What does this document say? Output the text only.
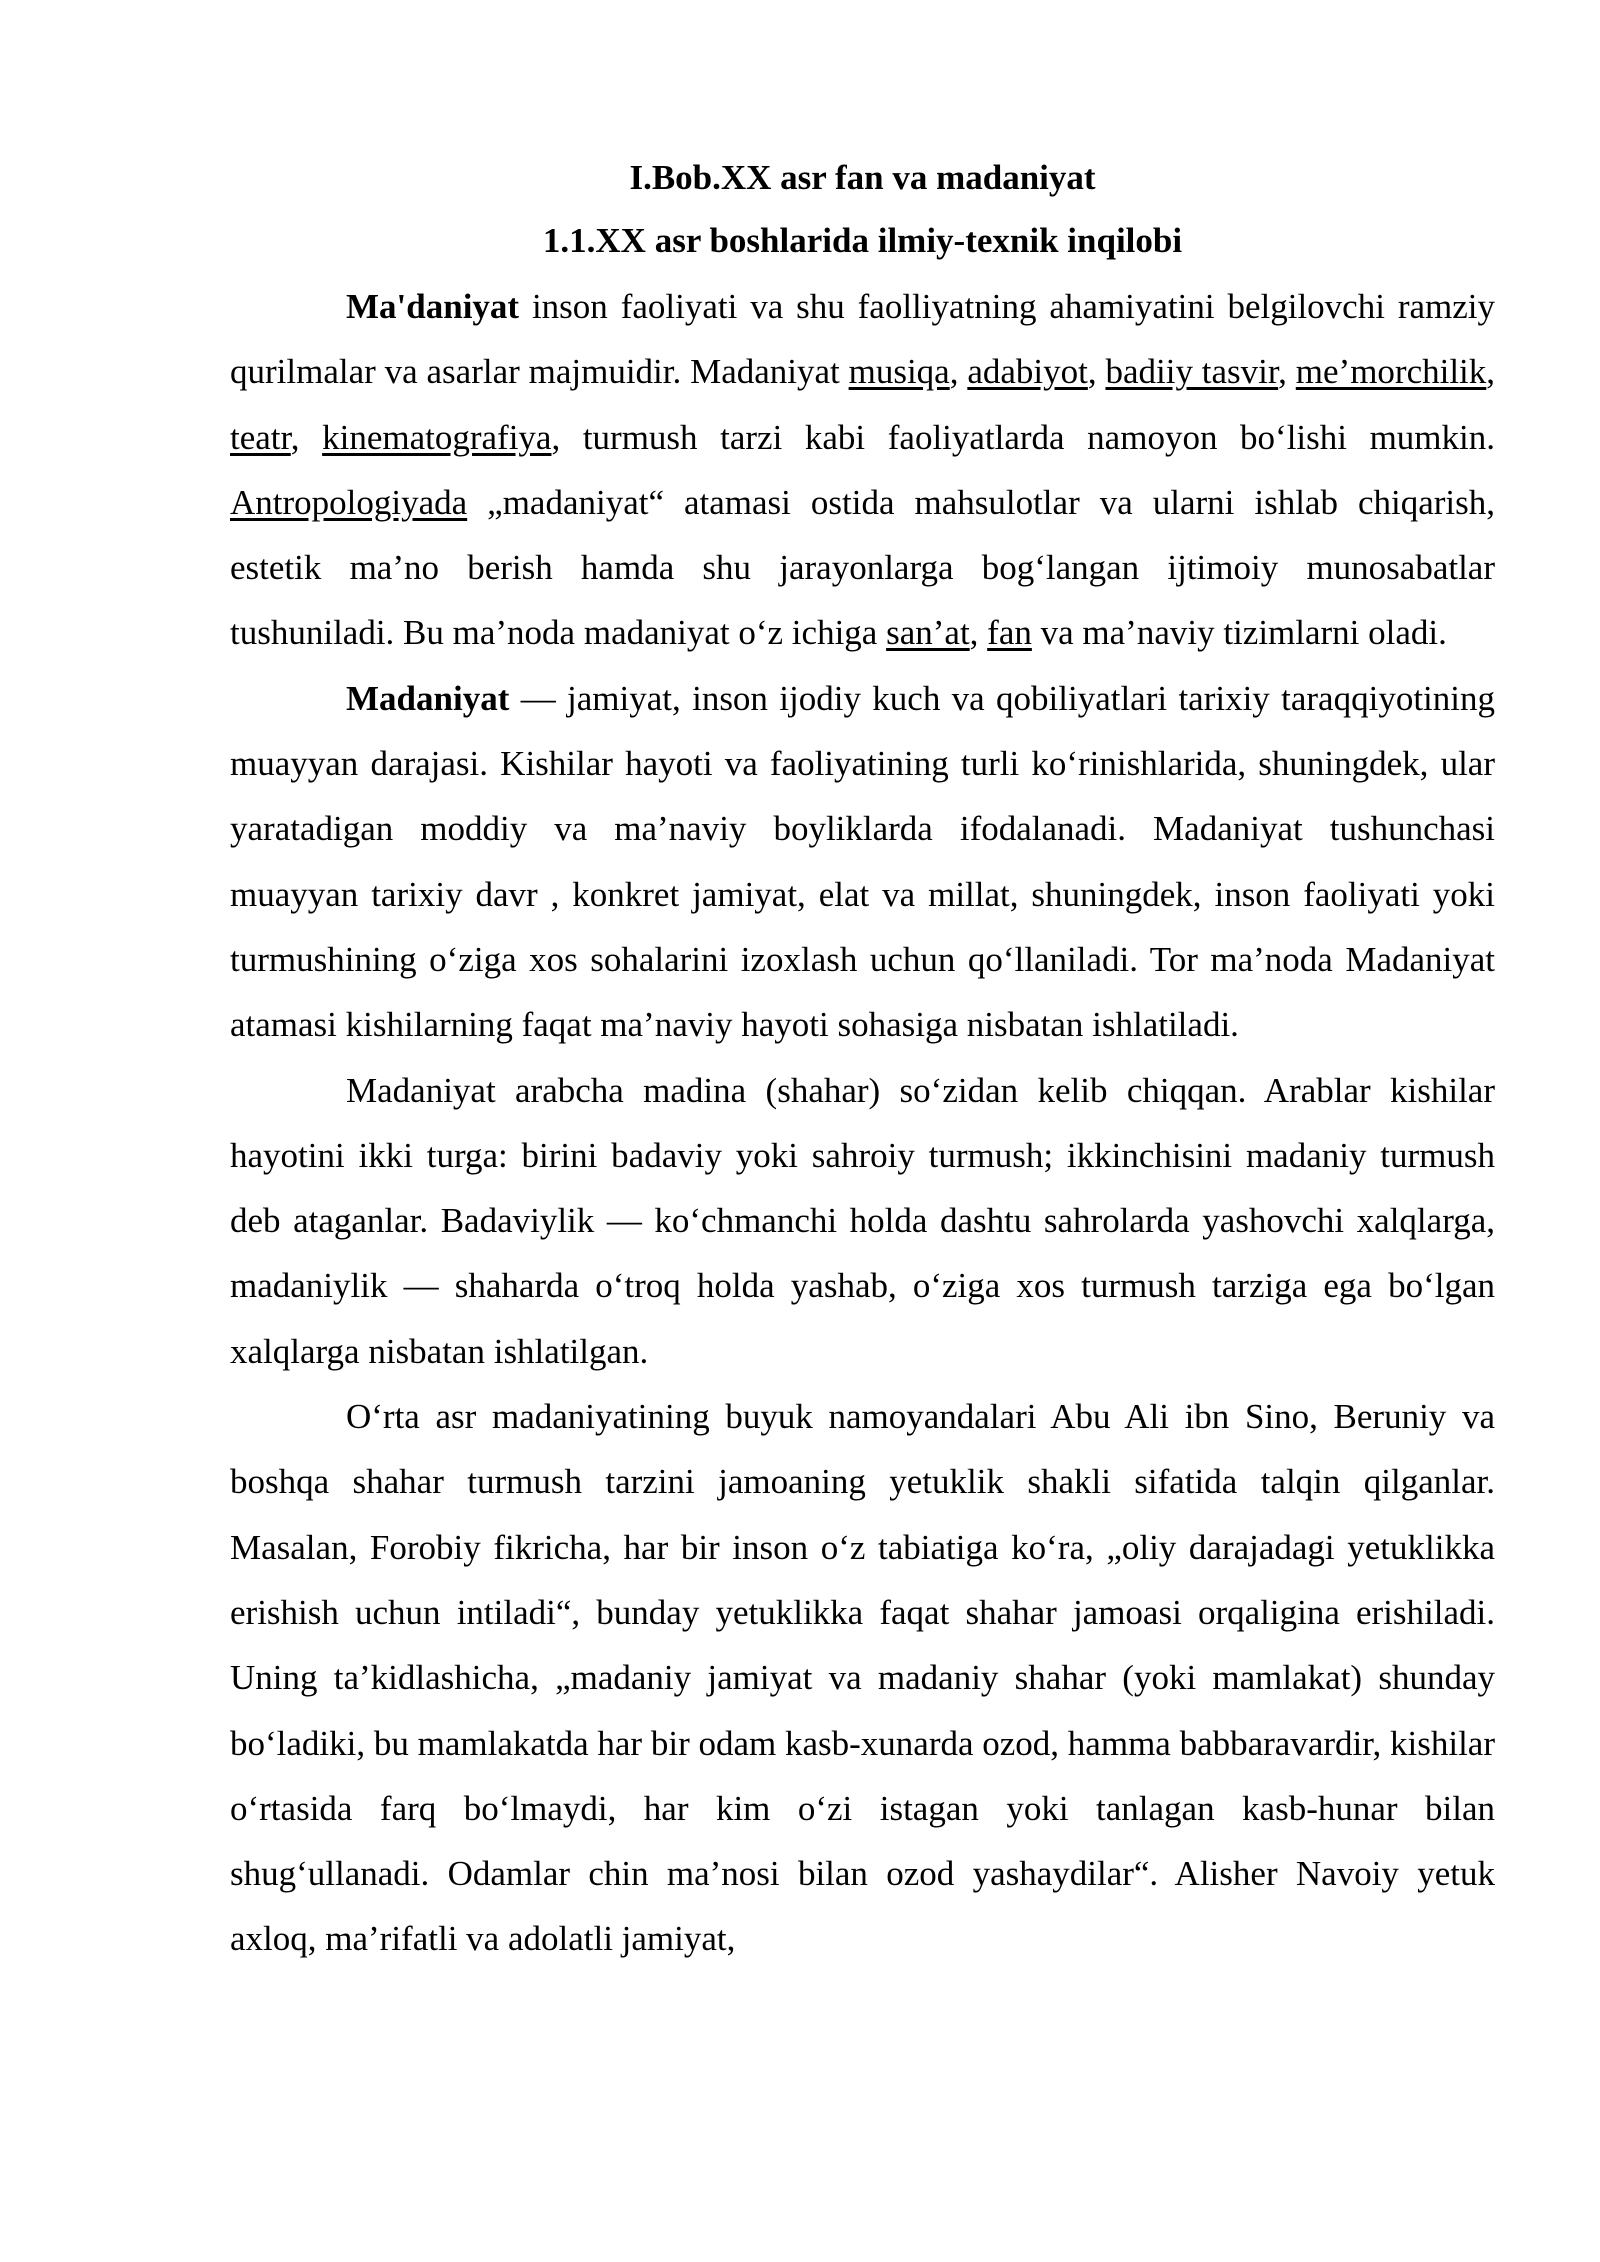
I.Bob.XX asr fan va madaniyat
1.1.XX asr boshlarida ilmiy-texnik inqilobi

Ma'daniyat inson faoliyati va shu faolliyatning ahamiyatini belgilovchi ramziy qurilmalar va asarlar majmuidir. Madaniyat musiqa, adabiyot, badiiy tasvir, me’morchilik, teatr, kinematografiya, turmush tarzi kabi faoliyatlarda namoyon bo‘lishi mumkin. Antropologiyada „madaniyat“ atamasi ostida mahsulotlar va ularni ishlab chiqarish, estetik ma’no berish hamda shu jarayonlarga bog‘langan ijtimoiy munosabatlar tushuniladi. Bu ma’noda madaniyat o‘z ichiga san’at, fan va ma’naviy tizimlarni oladi.

Madaniyat — jamiyat, inson ijodiy kuch va qobiliyatlari tarixiy taraqqiyotining muayyan darajasi. Kishilar hayoti va faoliyatining turli ko‘rinishlarida, shuningdek, ular yaratadigan moddiy va ma’naviy boyliklarda ifodalanadi. Madaniyat tushunchasi muayyan tarixiy davr , konkret jamiyat, elat va millat, shuningdek, inson faoliyati yoki turmushining o‘ziga xos sohalarini izoxlash uchun qo‘llaniladi. Tor ma’noda Madaniyat atamasi kishilarning faqat ma’naviy hayoti sohasiga nisbatan ishlatiladi.

Madaniyat arabcha madina (shahar) so‘zidan kelib chiqqan. Arablar kishilar hayotini ikki turga: birini badaviy yoki sahroiy turmush; ikkinchisini madaniy turmush deb ataganlar. Badaviylik — ko‘chmanchi holda dashtu sahrolarda yashovchi xalqlarga, madaniylik — shaharda o‘troq holda yashab, o‘ziga xos turmush tarziga ega bo‘lgan xalqlarga nisbatan ishlatilgan.

O‘rta asr madaniyatining buyuk namoyandalari Abu Ali ibn Sino, Beruniy va boshqa shahar turmush tarzini jamoaning yetuklik shakli sifatida talqin qilganlar. Masalan, Forobiy fikricha, har bir inson o‘z tabiatiga ko‘ra, „oliy darajadagi yetuklikka erishish uchun intiladi“, bunday yetuklikka faqat shahar jamoasi orqaligina erishiladi. Uning ta’kidlashicha, „madaniy jamiyat va madaniy shahar (yoki mamlakat) shunday bo‘ladiki, bu mamlakatda har bir odam kasb-xunarda ozod, hamma babbaravardir, kishilar o‘rtasida farq bo‘lmaydi, har kim o‘zi istagan yoki tanlagan kasb-hunar bilan shug‘ullanadi. Odamlar chin ma’nosi bilan ozod yashaydilar“. Alisher Navoiy yetuk axloq, ma’rifatli va adolatli jamiyat,
